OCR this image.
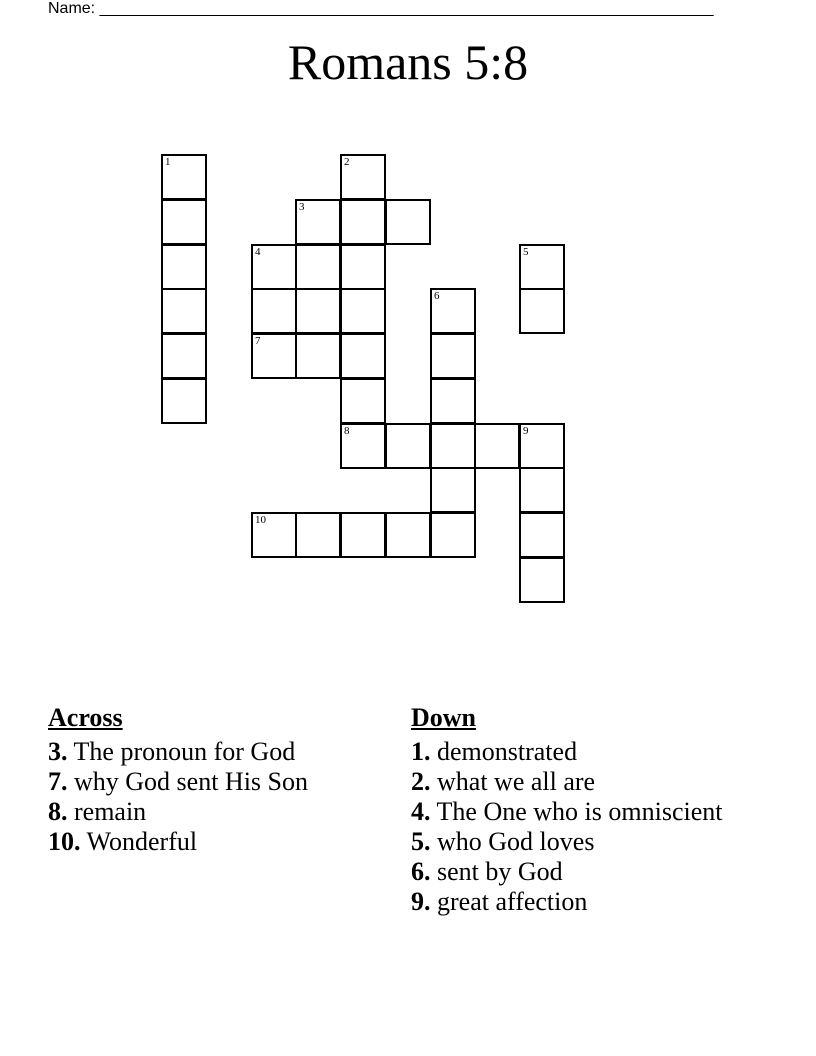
Name: _____________________________________________________________________
Romans 5:8
1	2
3
4	5
6
7
8	9
10
Across

3. The pronoun for God

7. why God sent His Son

8. remain

10. Wonderful

Down

1. demonstrated

2. what we all are

4. The One who is omniscient

5. who God loves

6. sent by God

9. great affection
